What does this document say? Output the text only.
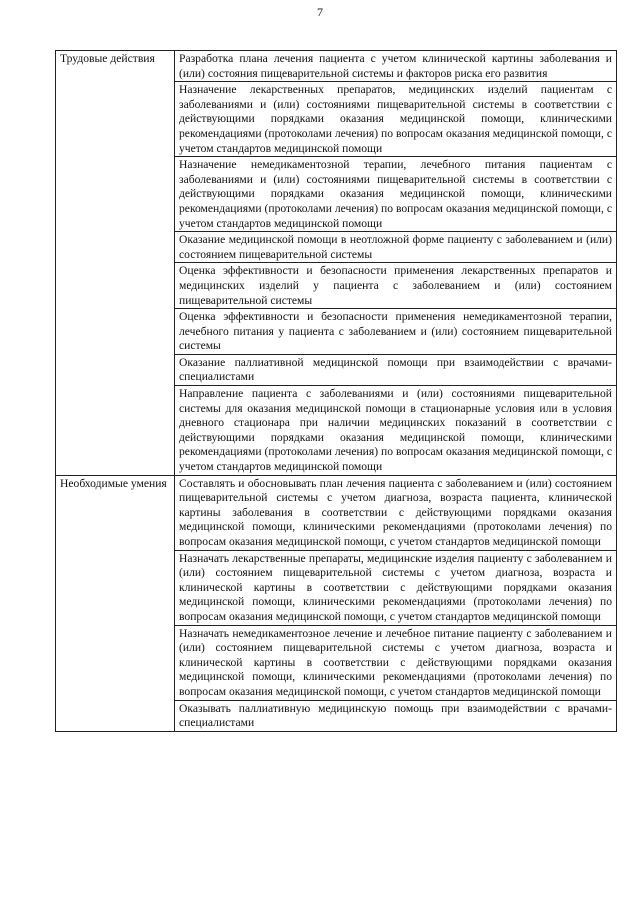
7
Трудовые действия	Разработка плана лечения пациента с учетом клинической картины заболевания и (или) состояния пищеварительной системы и факторов риска его развития
	Назначение лекарственных препаратов, медицинских изделий пациентам с заболеваниями и (или) состояниями пищеварительной системы в соответствии с действующими порядками оказания медицинской помощи, клиническими рекомендациями (протоколами лечения) по вопросам оказания медицинской помощи, с учетом стандартов медицинской помощи
	Назначение немедикаментозной терапии, лечебного питания пациентам с заболеваниями и (или) состояниями пищеварительной системы в соответствии с действующими порядками оказания медицинской помощи, клиническими рекомендациями (протоколами лечения) по вопросам оказания медицинской помощи, с учетом стандартов медицинской помощи
	Оказание медицинской помощи в неотложной форме пациенту с заболеванием и (или) состоянием пищеварительной системы
	Оценка эффективности и безопасности применения лекарственных препаратов и медицинских изделий у пациента с заболеванием и (или) состоянием пищеварительной системы
	Оценка эффективности и безопасности применения немедикаментозной терапии, лечебного питания у пациента с заболеванием и (или) состоянием пищеварительной системы
	Оказание паллиативной медицинской помощи при взаимодействии с врачами-специалистами
	Направление пациента с заболеваниями и (или) состояниями пищеварительной системы для оказания медицинской помощи в стационарные условия или в условия дневного стационара при наличии медицинских показаний в соответствии с действующими порядками оказания медицинской помощи, клиническими рекомендациями (протоколами лечения) по вопросам оказания медицинской помощи, с учетом стандартов медицинской помощи
Необходимые умения	Составлять и обосновывать план лечения пациента с заболеванием и (или) состоянием пищеварительной системы с учетом диагноза, возраста пациента, клинической картины заболевания в соответствии с действующими порядками оказания медицинской помощи, клиническими рекомендациями (протоколами лечения) по вопросам оказания медицинской помощи, с учетом стандартов медицинской помощи
	Назначать лекарственные препараты, медицинские изделия пациенту с заболеванием и (или) состоянием пищеварительной системы с учетом диагноза, возраста и клинической картины в соответствии с действующими порядками оказания медицинской помощи, клиническими рекомендациями (протоколами лечения) по вопросам оказания медицинской помощи, с учетом стандартов медицинской помощи
	Назначать немедикаментозное лечение и лечебное питание пациенту с заболеванием и (или) состоянием пищеварительной системы с учетом диагноза, возраста и клинической картины в соответствии с действующими порядками оказания медицинской помощи, клиническими рекомендациями (протоколами лечения) по вопросам оказания медицинской помощи, с учетом стандартов медицинской помощи
	Оказывать паллиативную медицинскую помощь при взаимодействии с врачами-специалистами
